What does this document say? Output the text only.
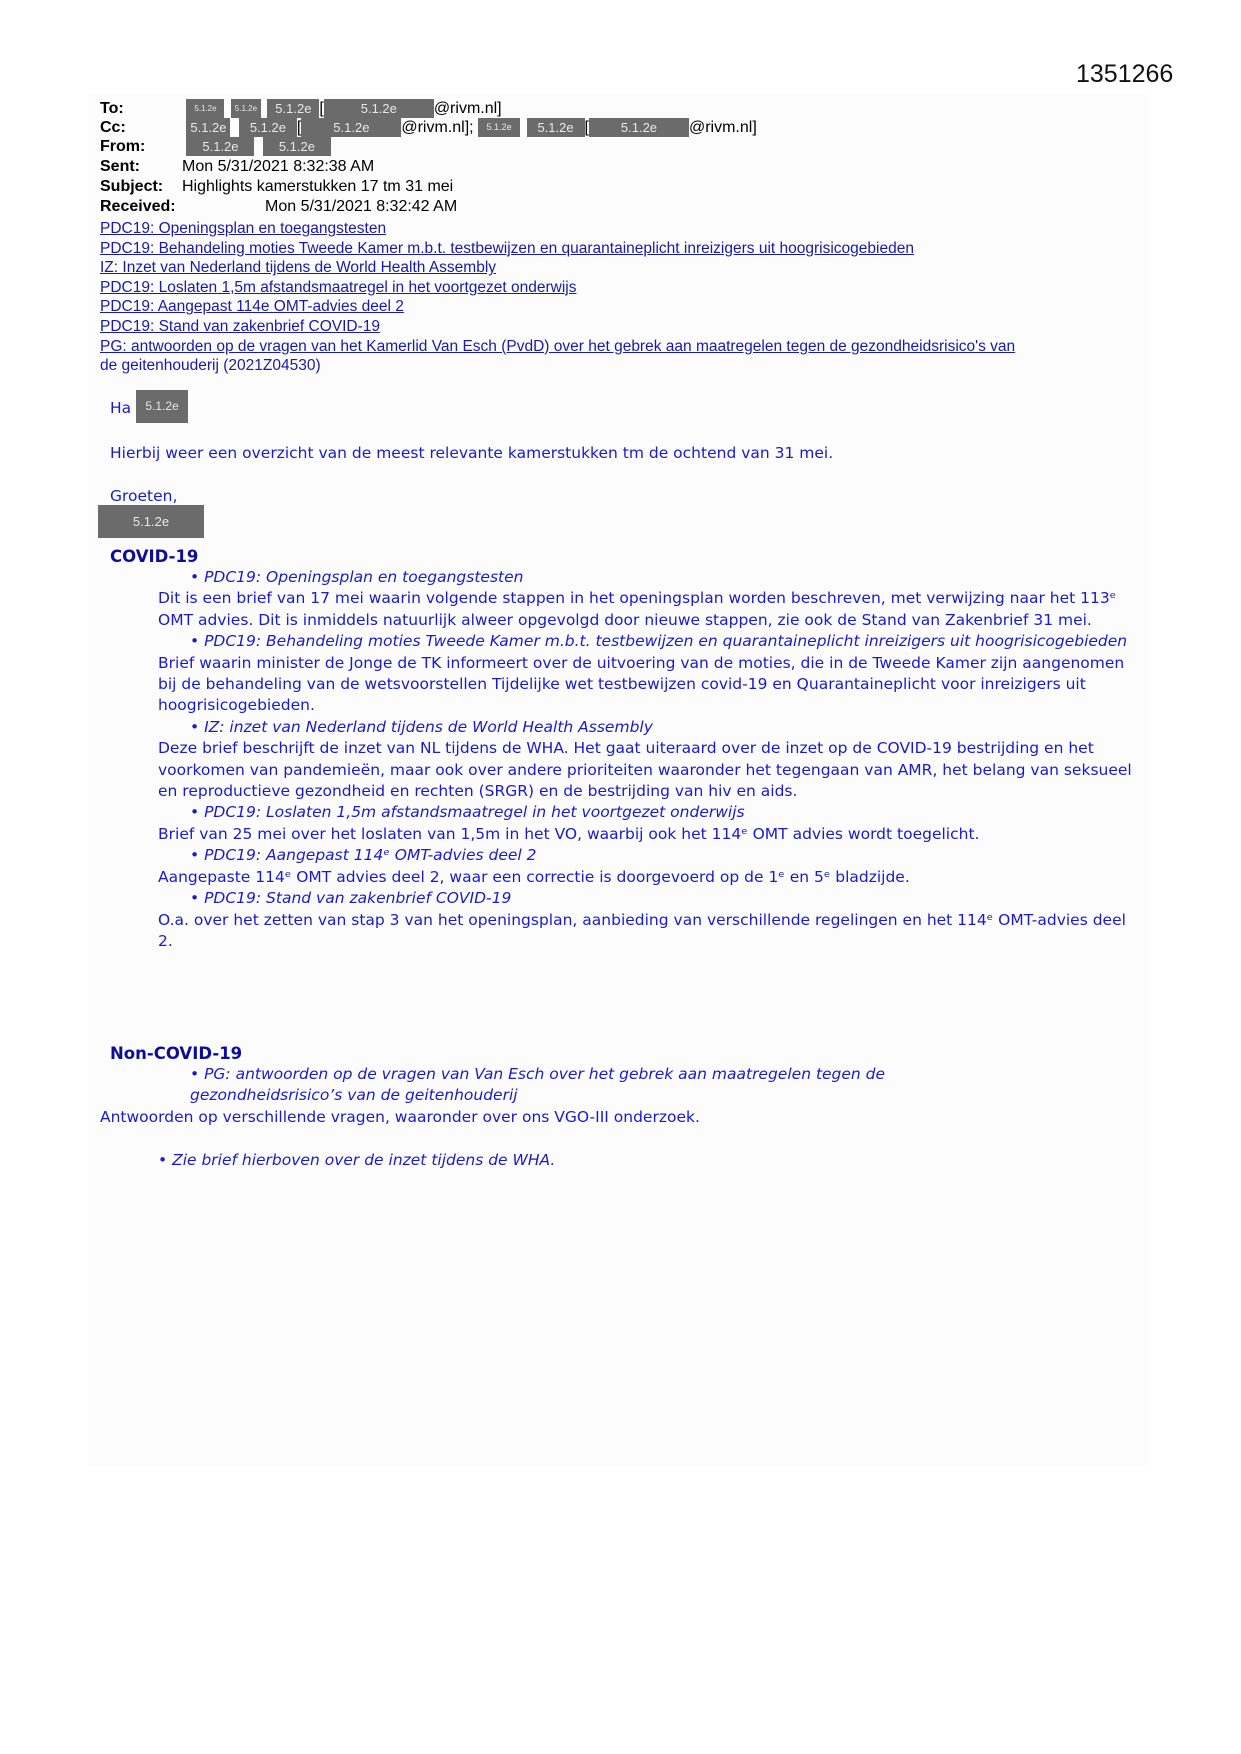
1351266
To:	5.1.2e 5.1.2e 5.1.2e [	5.1.2e @rivm.nl]
Cc:	5.1.2e 5.1.2e [ 5.1.2e @rivm.nl]; 5.1.2e 5.1.2e [ 5.1.2e @rivm.nl]
From:	5.1.2e	5.1.2e
Sent:	Mon 5/31/2021 8:32:38 AM
Subject: Highlights kamerstukken 17 tm 31 mei
Received:	Mon 5/31/2021 8:32:42 AM
PDC19: Openingsplan en toegangstesten
PDC19: Behandeling moties Tweede Kamer m.b.t. testbewijzen en quarantaineplicht inreizigers uit hoogrisicogebieden
IZ: Inzet van Nederland tijdens de World Health Assembly
PDC19: Loslaten 1,5m afstandsmaatregel in het voortgezet onderwijs
PDC19: Aangepast 114e OMT-advies deel 2
PDC19: Stand van zakenbrief COVID-19
PG: antwoorden op de vragen van het Kamerlid Van Esch (PvdD) over het gebrek aan maatregelen tegen de gezondheidsrisico's van
de geitenhouderij (2021Z04530)
Ha 5.1.2e
Hierbij weer een overzicht van de meest relevante kamerstukken tm de ochtend van 31 mei.
Groeten,
5.1.2e
COVID-19
• PDC19: Openingsplan en toegangstesten
Dit is een brief van 17 mei waarin volgende stappen in het openingsplan worden beschreven, met verwijzing naar het 113ᵉ OMT advies. Dit is inmiddels natuurlijk alweer opgevolgd door nieuwe stappen, zie ook de Stand van Zakenbrief 31 mei.
• PDC19: Behandeling moties Tweede Kamer m.b.t. testbewijzen en quarantaineplicht inreizigers uit hoogrisicogebieden
Brief waarin minister de Jonge de TK informeert over de uitvoering van de moties, die in de Tweede Kamer zijn aangenomen bij de behandeling van de wetsvoorstellen Tijdelijke wet testbewijzen covid-19 en Quarantaineplicht voor inreizigers uit hoogrisicogebieden.
• IZ: inzet van Nederland tijdens de World Health Assembly
Deze brief beschrijft de inzet van NL tijdens de WHA. Het gaat uiteraard over de inzet op de COVID-19 bestrijding en het voorkomen van pandemieën, maar ook over andere prioriteiten waaronder het tegengaan van AMR, het belang van seksueel en reproductieve gezondheid en rechten (SRGR) en de bestrijding van hiv en aids.
• PDC19: Loslaten 1,5m afstandsmaatregel in het voortgezet onderwijs
Brief van 25 mei over het loslaten van 1,5m in het VO, waarbij ook het 114ᵉ OMT advies wordt toegelicht.
• PDC19: Aangepast 114ᵉ OMT-advies deel 2
Aangepaste 114ᵉ OMT advies deel 2, waar een correctie is doorgevoerd op de 1ᵉ en 5ᵉ bladzijde.
• PDC19: Stand van zakenbrief COVID-19
O.a. over het zetten van stap 3 van het openingsplan, aanbieding van verschillende regelingen en het 114ᵉ OMT-advies deel 2.
Non-COVID-19
• PG: antwoorden op de vragen van Van Esch over het gebrek aan maatregelen tegen de gezondheidsrisico’s van de geitenhouderij
Antwoorden op verschillende vragen, waaronder over ons VGO-III onderzoek.
• Zie brief hierboven over de inzet tijdens de WHA.
